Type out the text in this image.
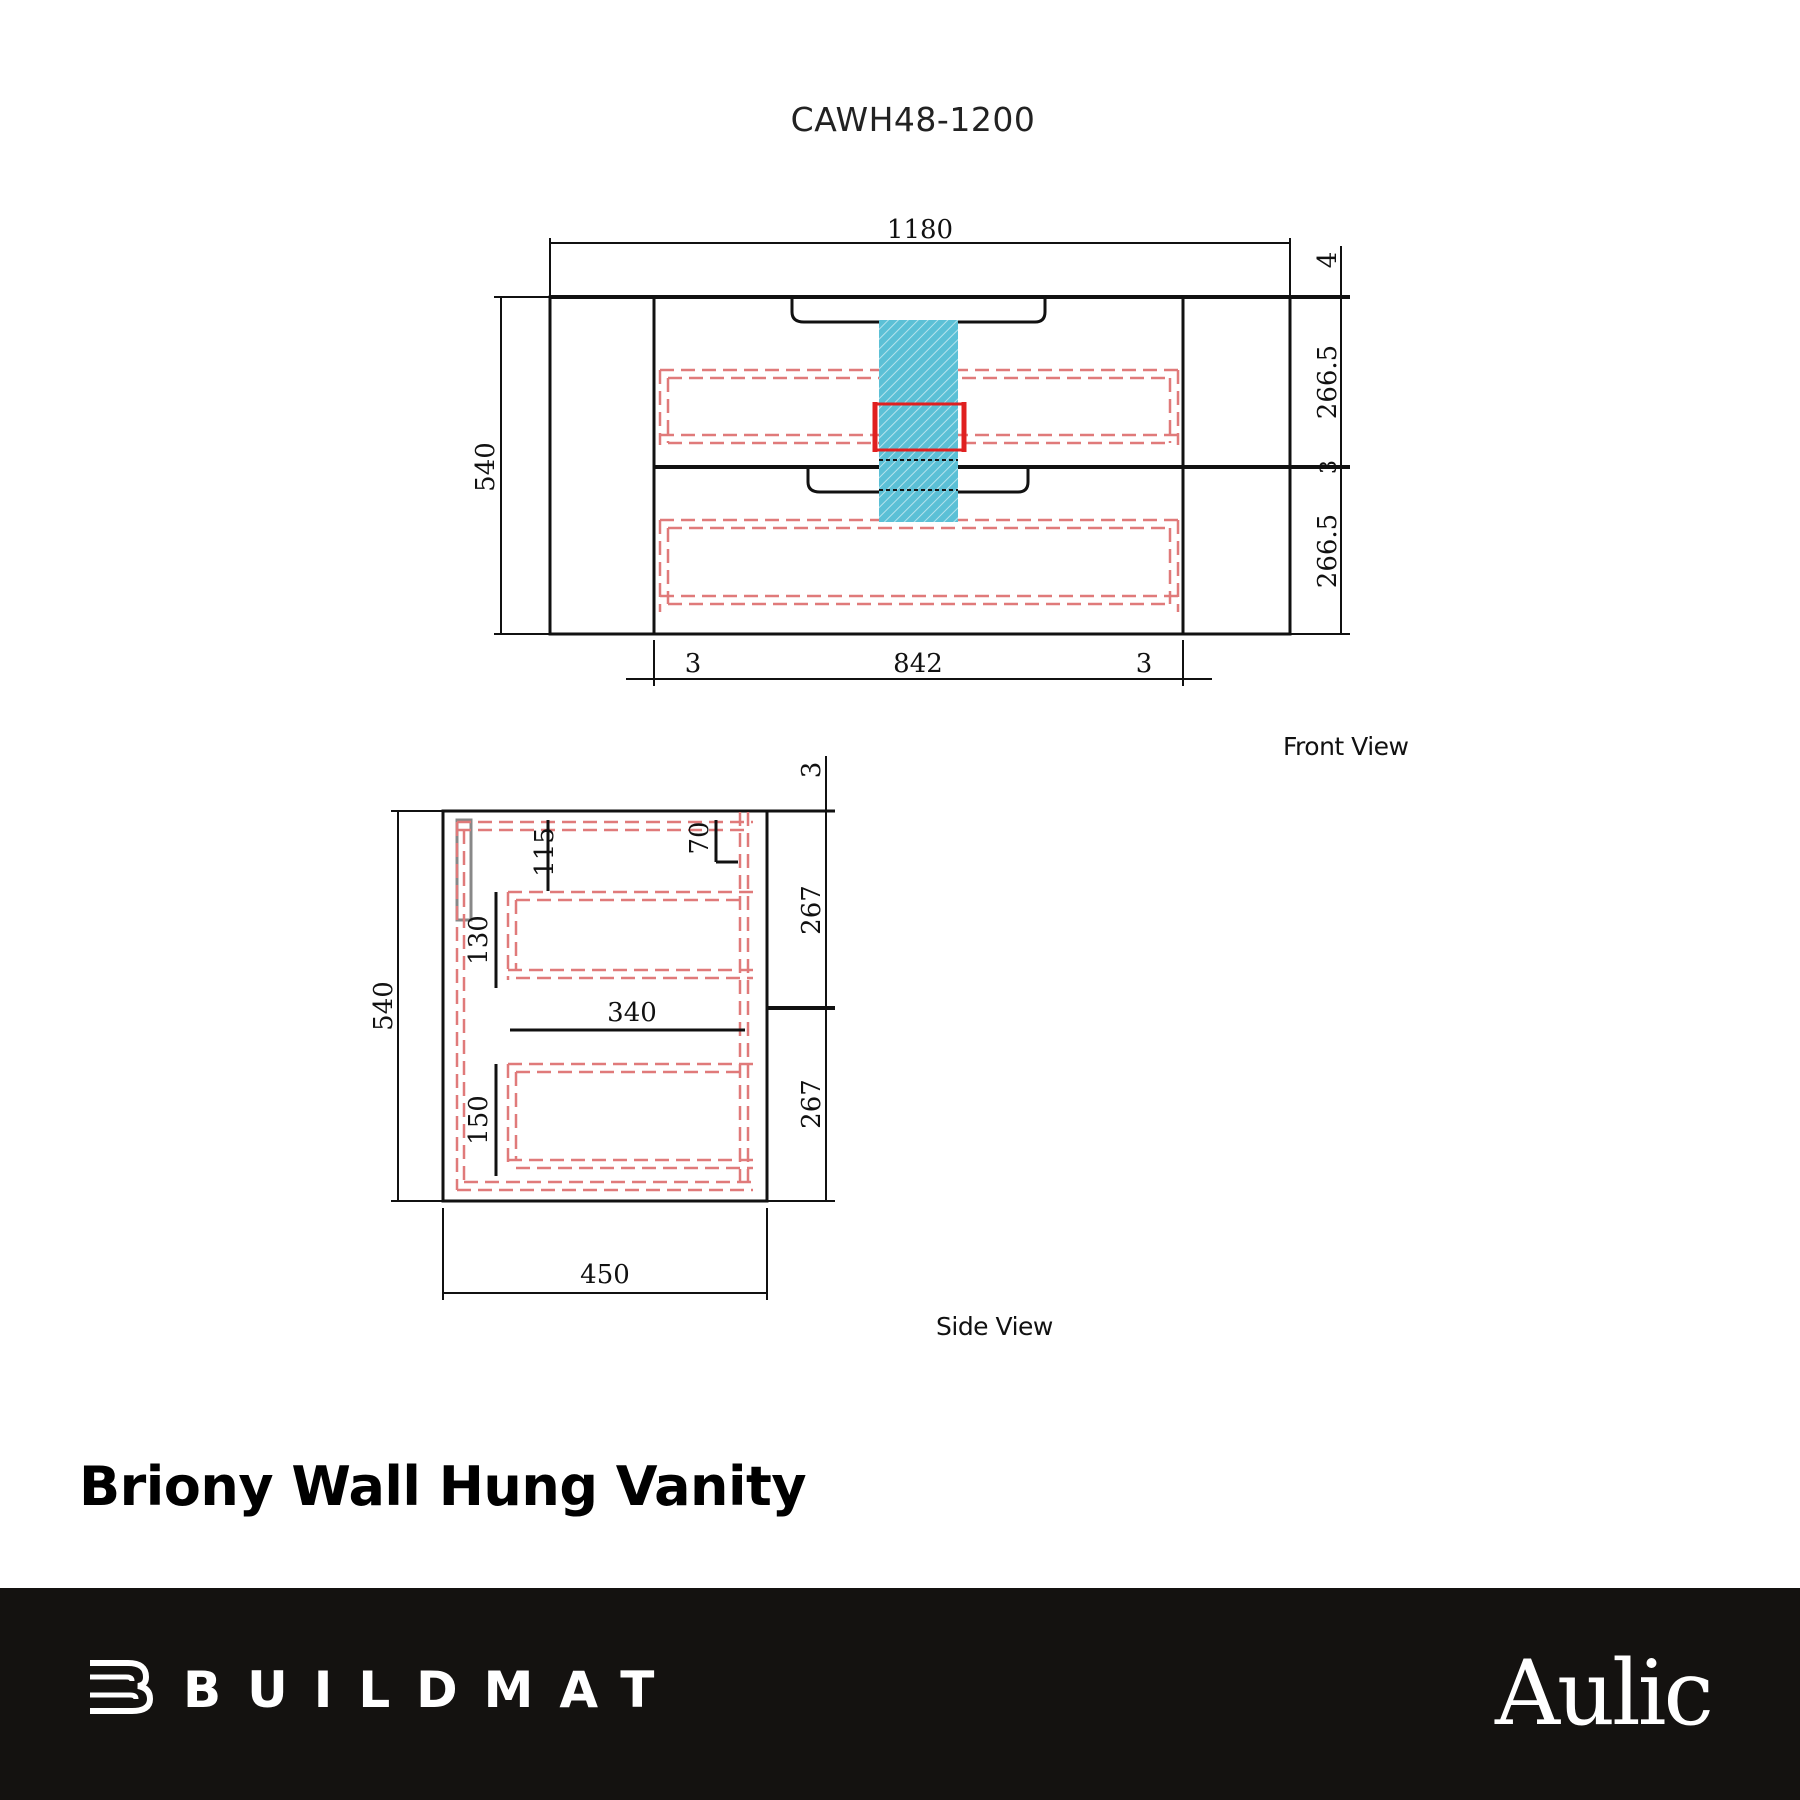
CAWH48-1200
1180
540
4
266.5
3
266.5
3	842	3
115	70
130
340
150
540
3
267
267
450
Front View
Side View
Briony Wall Hung Vanity
BUILDMAT	Aulic
